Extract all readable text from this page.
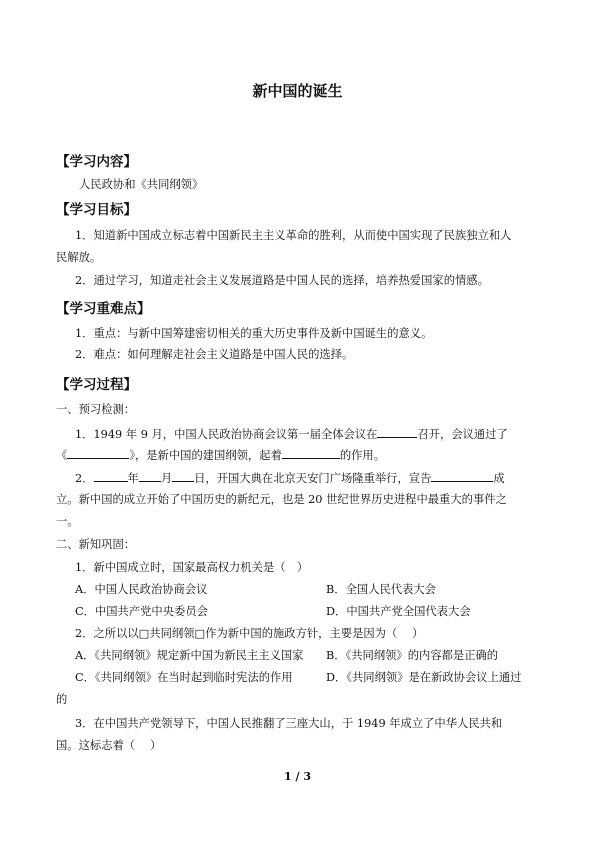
新中国的诞生
【学习内容】
人民政协和《共同纲领》
【学习目标】
1．知道新中国成立标志着中国新民主主义革命的胜利，从而使中国实现了民族独立和人
民解放。
2．通过学习，知道走社会主义发展道路是中国人民的选择，培养热爱国家的情感。
【学习重难点】
1．重点：与新中国筹建密切相关的重大历史事件及新中国诞生的意义。
2．难点：如何理解走社会主义道路是中国人民的选择。
【学习过程】
一、预习检测：
1．1949 年 9 月，中国人民政治协商会议第一届全体会议在	召开，会议通过了
《	》，是新中国的建国纲领，起着	的作用。
2．	年 月 日，开国大典在北京天安门广场隆重举行，宣告	成
立。新中国的成立开始了中国历史的新纪元，也是 20 世纪世界历史进程中最重大的事件之
一。
二、新知巩固：
1．新中国成立时，国家最高权力机关是（　）
A．中国人民政治协商会议	B．全国人民代表大会
C．中国共产党中央委员会	D．中国共产党全国代表大会
2．之所以以□共同纲领□作为新中国的施政方针，主要是因为（　 ）
A．《共同纲领》规定新中国为新民主主义国家 B．《共同纲领》的内容都是正确的
C．《共同纲领》在当时起到临时宪法的作用	D．《共同纲领》是在新政协会议上通过
的
3．在中国共产党领导下，中国人民推翻了三座大山，于 1949 年成立了中华人民共和
国。这标志着（　 ）
1 / 3
